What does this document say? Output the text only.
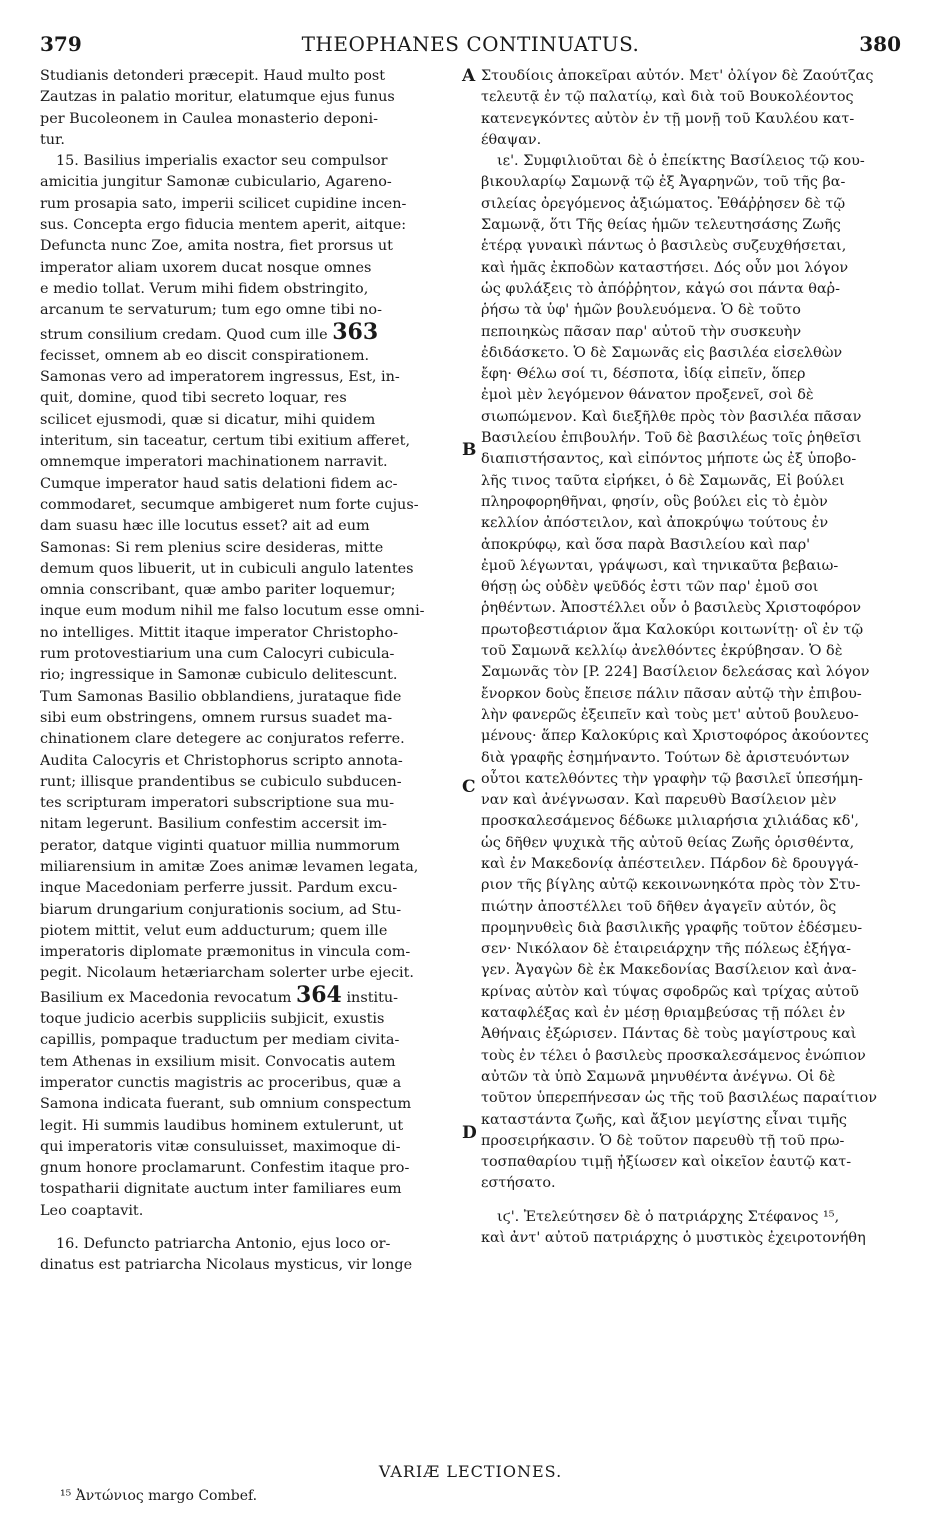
379	THEOPHANES CONTINUATUS.	380
A
B
C
D
Studianis detonderi præcepit. Haud multo post
Zautzas in palatio moritur, elatumque ejus funus
per Bucoleonem in Caulea monasterio deponi-
tur.
15. Basilius imperialis exactor seu compulsor
amicitia jungitur Samonæ cubiculario, Agareno-
rum prosapia sato, imperii scilicet cupidine incen-
sus. Concepta ergo fiducia mentem aperit, aitque:
Defuncta nunc Zoe, amita nostra, fiet prorsus ut
imperator aliam uxorem ducat nosque omnes
e medio tollat. Verum mihi fidem obstringito,
arcanum te servaturum; tum ego omne tibi no-
strum consilium credam. Quod cum ille 363
fecisset, omnem ab eo discit conspirationem.
Samonas vero ad imperatorem ingressus, Est, in-
quit, domine, quod tibi secreto loquar, res
scilicet ejusmodi, quæ si dicatur, mihi quidem
interitum, sin taceatur, certum tibi exitium afferet,
omnemque imperatori machinationem narravit.
Cumque imperator haud satis delationi fidem ac-
commodaret, secumque ambigeret num forte cujus-
dam suasu hæc ille locutus esset? ait ad eum
Samonas: Si rem plenius scire desideras, mitte
demum quos libuerit, ut in cubiculi angulo latentes
omnia conscribant, quæ ambo pariter loquemur;
inque eum modum nihil me falso locutum esse omni-
no intelliges. Mittit itaque imperator Christopho-
rum protovestiarium una cum Calocyri cubicula-
rio; ingressique in Samonæ cubiculo delitescunt.
Tum Samonas Basilio obblandiens, jurataque fide
sibi eum obstringens, omnem rursus suadet ma-
chinationem clare detegere ac conjuratos referre.
Audita Calocyris et Christophorus scripto annota-
runt; illisque prandentibus se cubiculo subducen-
tes scripturam imperatori subscriptione sua mu-
nitam legerunt. Basilium confestim accersit im-
perator, datque viginti quatuor millia nummorum
miliarensium in amitæ Zoes animæ levamen legata,
inque Macedoniam perferre jussit. Pardum excu-
biarum drungarium conjurationis socium, ad Stu-
piotem mittit, velut eum adducturum; quem ille
imperatoris diplomate præmonitus in vincula com-
pegit. Nicolaum hetæriarcham solerter urbe ejecit.
Basilium ex Macedonia revocatum 364 institu-
toque judicio acerbis suppliciis subjicit, exustis
capillis, pompaque traductum per mediam civita-
tem Athenas in exsilium misit. Convocatis autem
imperator cunctis magistris ac proceribus, quæ a
Samona indicata fuerant, sub omnium conspectum
legit. Hi summis laudibus hominem extulerunt, ut
qui imperatoris vitæ consuluisset, maximoque di-
gnum honore proclamarunt. Confestim itaque pro-
tospatharii dignitate auctum inter familiares eum
Leo coaptavit.
16. Defuncto patriarcha Antonio, ejus loco or-
dinatus est patriarcha Nicolaus mysticus, vir longe
Στουδίοις ἀποκεῖραι αὐτόν. Μετ' ὀλίγον δὲ Ζαούτζας
τελευτᾷ ἐν τῷ παλατίῳ, καὶ διὰ τοῦ Βουκολέοντος
κατενεγκόντες αὐτὸν ἐν τῇ μονῇ τοῦ Καυλέου κατ-
έθαψαν.
ιε'. Συμφιλιοῦται δὲ ὁ ἐπείκτης Βασίλειος τῷ κου-
βικουλαρίῳ Σαμωνᾷ τῷ ἐξ Ἀγαρηνῶν, τοῦ τῆς βα-
σιλείας ὀρεγόμενος ἀξιώματος. Ἐθάῤῥησεν δὲ τῷ
Σαμωνᾷ, ὅτι Τῆς θείας ἡμῶν τελευτησάσης Ζωῆς
ἑτέρᾳ γυναικὶ πάντως ὁ βασιλεὺς συζευχθήσεται,
καὶ ἡμᾶς ἐκποδὼν καταστήσει. Δός οὖν μοι λόγον
ὡς φυλάξεις τὸ ἀπόῤῥητον, κἀγώ σοι πάντα θαῤ-
ῥήσω τὰ ὑφ' ἡμῶν βουλευόμενα. Ὁ δὲ τοῦτο
πεποιηκὼς πᾶσαν παρ' αὐτοῦ τὴν συσκευὴν
ἐδιδάσκετο. Ὁ δὲ Σαμωνᾶς εἰς βασιλέα εἰσελθὼν
ἔφη· Θέλω σοί τι, δέσποτα, ἰδίᾳ εἰπεῖν, ὅπερ
ἐμοὶ μὲν λεγόμενον θάνατον προξενεῖ, σοὶ δὲ
σιωπώμενον. Καὶ διεξῆλθε πρὸς τὸν βασιλέα πᾶσαν
Βασιλείου ἐπιβουλήν. Τοῦ δὲ βασιλέως τοῖς ῥηθεῖσι
διαπιστήσαντος, καὶ εἰπόντος μήποτε ὡς ἐξ ὑποβο-
λῆς τινος ταῦτα εἰρήκει, ὁ δὲ Σαμωνᾶς, Εἰ βούλει
πληροφορηθῆναι, φησίν, οὓς βούλει εἰς τὸ ἐμὸν
κελλίον ἀπόστειλον, καὶ ἀποκρύψω τούτους ἐν
ἀποκρύφῳ, καὶ ὅσα παρὰ Βασιλείου καὶ παρ'
ἐμοῦ λέγωνται, γράψωσι, καὶ τηνικαῦτα βεβαιω-
θήσῃ ὡς οὐδὲν ψεῦδός ἐστι τῶν παρ' ἐμοῦ σοι
ῥηθέντων. Ἀποστέλλει οὖν ὁ βασιλεὺς Χριστοφόρον
πρωτοβεστιάριον ἅμα Καλοκύρι κοιτωνίτῃ· οἳ ἐν τῷ
τοῦ Σαμωνᾶ κελλίῳ ἀνελθόντες ἐκρύβησαν. Ὁ δὲ
Σαμωνᾶς τὸν [P. 224] Βασίλειον δελεάσας καὶ λόγον
ἔνορκον δοὺς ἔπεισε πάλιν πᾶσαν αὐτῷ τὴν ἐπιβου-
λὴν φανερῶς ἐξειπεῖν καὶ τοὺς μετ' αὐτοῦ βουλευο-
μένους· ἅπερ Καλοκύρις καὶ Χριστοφόρος ἀκούοντες
διὰ γραφῆς ἐσημήναντο. Τούτων δὲ ἀριστευόντων
οὗτοι κατελθόντες τὴν γραφὴν τῷ βασιλεῖ ὑπεσήμη-
ναν καὶ ἀνέγνωσαν. Καὶ παρευθὺ Βασίλειον μὲν
προσκαλεσάμενος δέδωκε μιλιαρήσια χιλιάδας κδ',
ὡς δῆθεν ψυχικὰ τῆς αὐτοῦ θείας Ζωῆς ὁρισθέντα,
καὶ ἐν Μακεδονίᾳ ἀπέστειλεν. Πάρδον δὲ δρουγγά-
ριον τῆς βίγλης αὐτῷ κεκοινωνηκότα πρὸς τὸν Στυ-
πιώτην ἀποστέλλει τοῦ δῆθεν ἀγαγεῖν αὐτόν, ὃς
προμηνυθεὶς διὰ βασιλικῆς γραφῆς τοῦτον ἐδέσμευ-
σεν· Νικόλαον δὲ ἑταιρειάρχην τῆς πόλεως ἐξήγα-
γεν. Ἀγαγὼν δὲ ἐκ Μακεδονίας Βασίλειον καὶ ἀνα-
κρίνας αὐτὸν καὶ τύψας σφοδρῶς καὶ τρίχας αὐτοῦ
καταφλέξας καὶ ἐν μέσῃ θριαμβεύσας τῇ πόλει ἐν
Ἀθήναις ἐξώρισεν. Πάντας δὲ τοὺς μαγίστρους καὶ
τοὺς ἐν τέλει ὁ βασιλεὺς προσκαλεσάμενος ἐνώπιον
αὐτῶν τὰ ὑπὸ Σαμωνᾶ μηνυθέντα ἀνέγνω. Οἱ δὲ
τοῦτον ὑπερεπήνεσαν ὡς τῆς τοῦ βασιλέως παραίτιον
καταστάντα ζωῆς, καὶ ἄξιον μεγίστης εἶναι τιμῆς
προσειρήκασιν. Ὁ δὲ τοῦτον παρευθὺ τῇ τοῦ πρω-
τοσπαθαρίου τιμῇ ἠξίωσεν καὶ οἰκεῖον ἑαυτῷ κατ-
εστήσατο.
ιϛ'. Ἐτελεύτησεν δὲ ὁ πατριάρχης Στέφανος ¹⁵,
καὶ ἀντ' αὐτοῦ πατριάρχης ὁ μυστικὸς ἐχειροτονήθη
VARIÆ LECTIONES.
¹⁵ Ἀντώνιος margo Combef.
